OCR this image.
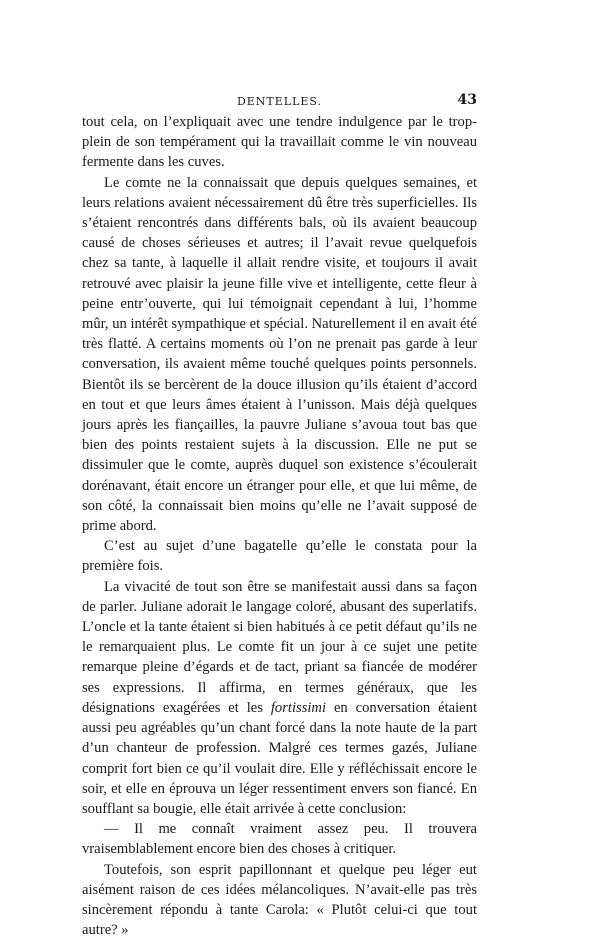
DENTELLES.	43

tout cela, on l’expliquait avec une tendre indulgence par le trop-plein de son tempérament qui la travaillait comme le vin nouveau fermente dans les cuves.

Le comte ne la connaissait que depuis quelques semaines, et leurs relations avaient nécessairement dû être très superficielles. Ils s’étaient rencontrés dans différents bals, où ils avaient beaucoup causé de choses sérieuses et autres; il l’avait revue quelquefois chez sa tante, à laquelle il allait rendre visite, et toujours il avait retrouvé avec plaisir la jeune fille vive et intelligente, cette fleur à peine entr’ouverte, qui lui témoignait cependant à lui, l’homme mûr, un intérêt sympathique et spécial. Naturellement il en avait été très flatté. A certains moments où l’on ne prenait pas garde à leur conversation, ils avaient même touché quelques points personnels. Bientôt ils se bercèrent de la douce illusion qu’ils étaient d’accord en tout et que leurs âmes étaient à l’unisson. Mais déjà quelques jours après les fiançailles, la pauvre Juliane s’avoua tout bas que bien des points restaient sujets à la discussion. Elle ne put se dissimuler que le comte, auprès duquel son existence s’écoulerait dorénavant, était encore un étranger pour elle, et que lui même, de son côté, la connaissait bien moins qu’elle ne l’avait supposé de prime abord.

C’est au sujet d’une bagatelle qu’elle le constata pour la première fois.

La vivacité de tout son être se manifestait aussi dans sa façon de parler. Juliane adorait le langage coloré, abusant des superlatifs. L’oncle et la tante étaient si bien habitués à ce petit défaut qu’ils ne le remarquaient plus. Le comte fit un jour à ce sujet une petite remarque pleine d’égards et de tact, priant sa fiancée de modérer ses expressions. Il affirma, en termes généraux, que les désignations exagérées et les fortissimi en conversation étaient aussi peu agréables qu’un chant forcé dans la note haute de la part d’un chanteur de profession. Malgré ces termes gazés, Juliane comprit fort bien ce qu’il voulait dire. Elle y réfléchissait encore le soir, et elle en éprouva un léger ressentiment envers son fiancé. En soufflant sa bougie, elle était arrivée à cette conclusion:

— Il me connaît vraiment assez peu. Il trouvera vraisemblablement encore bien des choses à critiquer.

Toutefois, son esprit papillonnant et quelque peu léger eut aisément raison de ces idées mélancoliques. N’avait-elle pas très sincèrement répondu à tante Carola: « Plutôt celui-ci que tout autre? »
